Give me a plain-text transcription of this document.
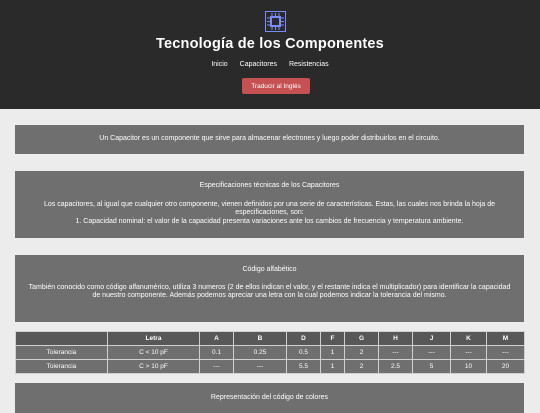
Tecnología de los Componentes
Inicio Capacitores Resistencias
Traducir al Inglés

Un Capacitor es un componente que sirve para almacenar electrones y luego poder distribuirlos en el circuito.

Especificaciones técnicas de los Capacitores

Los capacitores, al igual que cualquier otro componente, vienen definidos por una serie de características. Estas, las cuales nos brinda la hoja de especificaciones, son:
1. Capacidad nominal: el valor de la capacidad presenta variaciones ante los cambios de frecuencia y temperatura ambiente.

Código alfabético

También conocido como código alfanumérico, utiliza 3 numeros (2 de ellos indican el valor, y el restante indica el multiplicador) para identificar la capacidad de nuestro componente. Además podemos apreciar una letra con la cual podemos indicar la tolerancia del mismo.

	Letra	A	B	D	F	G	H	J	K	M
Tolerancia	C < 10 pF	0.1	0.25	0.5	1	2	---	---	---	---
Tolerancia	C > 10 pF	---	---	5.5	1	2	2.5	5	10	20

Representación del código de colores
